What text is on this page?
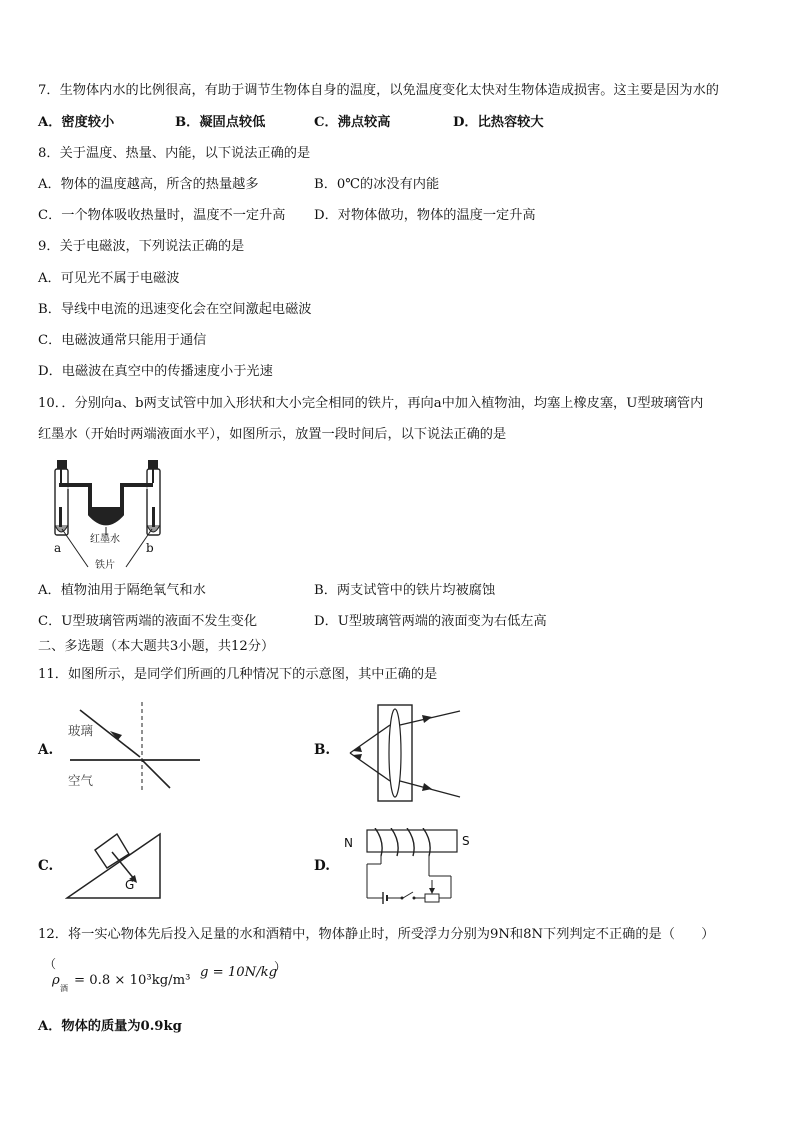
7．生物体内水的比例很高，有助于调节生物体自身的温度，以免温度变化太快对生物体造成损害。这主要是因为水的
A．密度较小	B．凝固点较低	C．沸点较高	D．比热容较大
8．关于温度、热量、内能，以下说法正确的是
A．物体的温度越高，所含的热量越多	B．0℃的冰没有内能
C．一个物体吸收热量时，温度不一定升高 D．对物体做功，物体的温度一定升高
9．关于电磁波，下列说法正确的是
A．可见光不属于电磁波
B．导线中电流的迅速变化会在空间激起电磁波
C．电磁波通常只能用于通信
D．电磁波在真空中的传播速度小于光速
10．．分别向a、b两支试管中加入形状和大小完全相同的铁片，再向a中加入植物油，均塞上橡皮塞，U型玻璃管内
红墨水（开始时两端液面水平），如图所示，放置一段时间后，以下说法正确的是
a	b
红墨水
铁片
A．植物油用于隔绝氧气和水	B．两支试管中的铁片均被腐蚀
C．U型玻璃管两端的液面不发生变化	D．U型玻璃管两端的液面变为右低左高
二、多选题（本大题共3小题，共12分）
11．如图所示，是同学们所画的几种情况下的示意图，其中正确的是
A.
玻璃
空气
B.
C.
G
D.
N	S
12．将一实心物体先后投入足量的水和酒精中，物体静止时，所受浮力分别为9N和8N下列判定不正确的是（　　）
（
ρ
酒
= 0.8 × 10³kg/m³
g = 10N/kg
）
A．物体的质量为0.9kg
